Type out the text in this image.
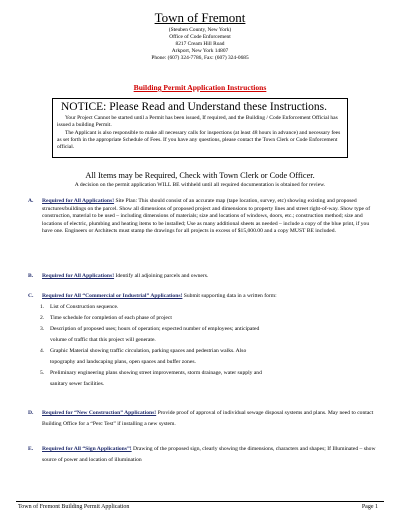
Town of Fremont
(Steuben County, New York)
Office of Code Enforcement
8217 Cream Hill Road
Arkport, New York 14807
Phone: (607) 324-7786, Fax: (607) 324-0685
Building Permit Application Instructions
NOTICE: Please Read and Understand these Instructions.

Your Project Cannot be started until a Permit has been issued, If required, and the Building / Code Enforcement Official has issued a building Permit.

The Applicant is also responsible to make all necessary calls for inspections (at least 48 hours in advance) and necessary fees as set forth in the appropriate Schedule of Fees. If you have any questions, please contact the Town Clerk or Code Enforcement official.

All Items may be Required, Check with Town Clerk or Code Officer.
A decision on the permit application WILL BE withheld until all required documentation is obtained for review.
A. Required for All Applications! Site Plan: This should consist of an accurate map (tape location, survey, etc) showing existing and proposed structures/buildings on the parcel. Show all dimensions of proposed project and dimensions to property lines and street right-of-way. Show type of construction, material to be used – including dimensions of materials; size and locations of windows, doors, etc.; construction method; size and locations of electric, plumbing and heating items to be installed; Use as many additional sheets as needed – include a copy of the blue print, if you have one. Engineers or Architects must stamp the drawings for all projects in excess of $15,000.00 and a copy MUST BE included.
B. Required for All Applications! Identify all adjoining parcels and owners.
C. Required for All “Commercial or Industrial” Applications! Submit supporting data in a written form:
1. List of Construction sequence.
2. Time schedule for completion of each phase of project
3. Description of proposed uses; hours of operation; expected number of employees; anticipated
volume of traffic that this project will generate.
4. Graphic Material showing traffic circulation, parking spaces and pedestrian walks. Also
topography and landscaping plans, open spaces and buffer zones.
5. Preliminary engineering plans showing street improvements, storm drainage, water supply and
sanitary sewer facilities.
D. Required for “New Construction” Applications! Provide proof of approval of individual sewage disposal systems and plans. May need to contact Building Office for a “Perc Test” if installing a new system.
E. Required for All “Sign Applications”! Drawing of the proposed sign, clearly showing the dimensions, characters and shapes; If Illuminated – show source of power and location of illumination
Town of Fremont Building Permit Application	Page 1
